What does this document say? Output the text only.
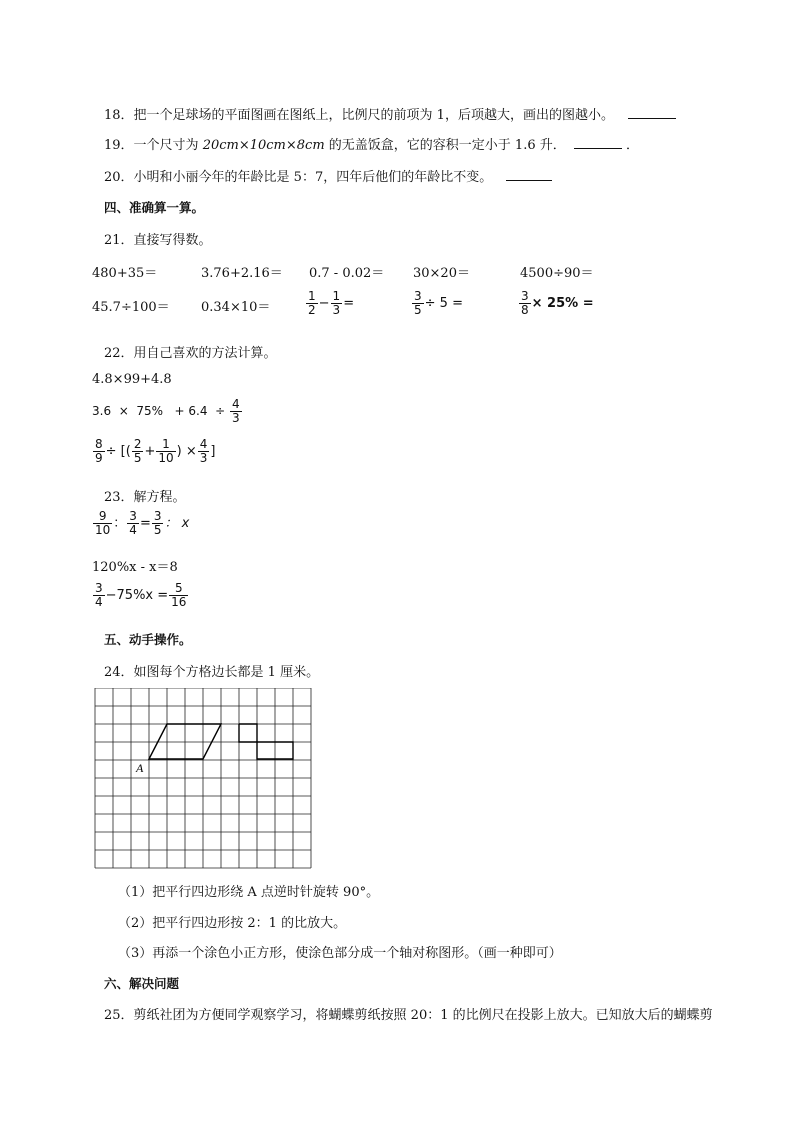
18．把一个足球场的平面图画在图纸上，比例尺的前项为 1，后项越大，画出的图越小。
19．一个尺寸为 20cm×10cm×8cm 的无盖饭盒，它的容积一定小于 1.6 升．	．
20．小明和小丽今年的年龄比是 5：7，四年后他们的年龄比不变。
四、准确算一算。
21．直接写得数。
480+35＝	3.76+2.16＝ 0.7 - 0.02＝ 30×20＝	4500÷90＝
45.7÷100＝ 0.34×10＝	$\frac{1}{2} - \frac{1}{3}$ =	$\frac{3}{5} \div 5$ =	$\frac{3}{8} \times 25\%$ =
22．用自己喜欢的方法计算。
4.8×99+4.8
$3.6 \times 75\% + 6.4 \div \frac{4}{3}$
$\frac{8}{9}$ ÷ [( $\frac{2}{5} + \frac{1}{10}$ ) × $\frac{4}{3}$ ]
23．解方程。
$\frac{9}{10}$ ： $\frac{3}{4} = \frac{3}{5}$ ： x
120%x - x＝8
$\frac{3}{4} -75\%x = \frac{5}{16}$
五、动手操作。
24．如图每个方格边长都是 1 厘米。
A
（1）把平行四边形绕 A 点逆时针旋转 90°。
（2）把平行四边形按 2：1 的比放大。
（3）再添一个涂色小正方形，使涂色部分成一个轴对称图形。（画一种即可）
六、解决问题
25．剪纸社团为方便同学观察学习，将蝴蝶剪纸按照 20：1 的比例尺在投影上放大。已知放大后的蝴蝶剪
